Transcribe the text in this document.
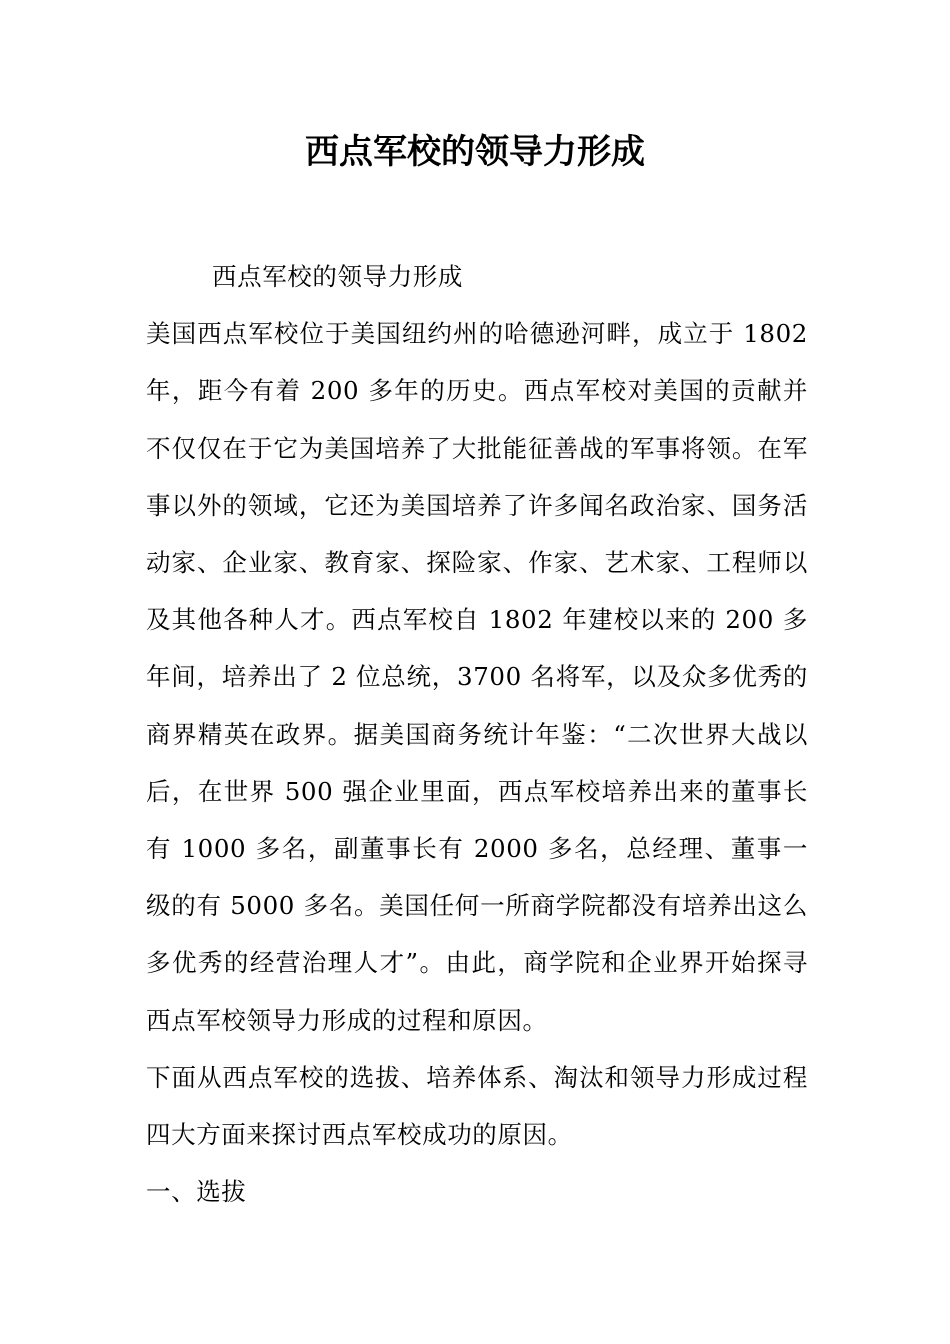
西点军校的领导力形成

西点军校的领导力形成

美国西点军校位于美国纽约州的哈德逊河畔，成立于 1802 年，距今有着 200 多年的历史。西点军校对美国的贡献并不仅仅在于它为美国培养了大批能征善战的军事将领。在军事以外的领域，它还为美国培养了许多闻名政治家、国务活动家、企业家、教育家、探险家、作家、艺术家、工程师以及其他各种人才。西点军校自 1802 年建校以来的 200 多年间，培养出了 2 位总统，3700 名将军，以及众多优秀的商界精英在政界。据美国商务统计年鉴：“二次世界大战以后，在世界 500 强企业里面，西点军校培养出来的董事长有 1000 多名，副董事长有 2000 多名，总经理、董事一级的有 5000 多名。美国任何一所商学院都没有培养出这么多优秀的经营治理人才”。由此，商学院和企业界开始探寻西点军校领导力形成的过程和原因。

下面从西点军校的选拔、培养体系、淘汰和领导力形成过程四大方面来探讨西点军校成功的原因。

一、选拔
